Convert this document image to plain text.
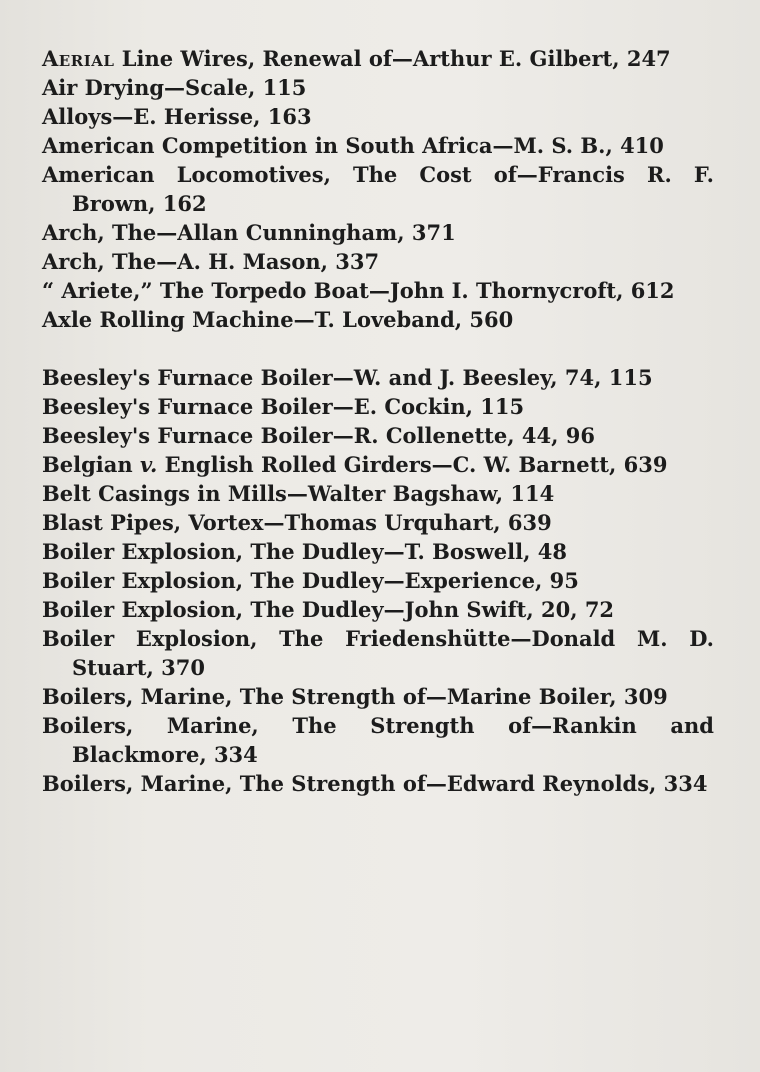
Aerial Line Wires, Renewal of—Arthur E. Gilbert, 247

Air Drying—Scale, 115

Alloys—E. Herisse, 163

American Competition in South Africa—M. S. B., 410

American Locomotives, The Cost of—Francis R. F. Brown, 162

Arch, The—Allan Cunningham, 371

Arch, The—A. H. Mason, 337

“ Ariete,” The Torpedo Boat—John I. Thornycroft, 612

Axle Rolling Machine—T. Loveband, 560

Beesley's Furnace Boiler—W. and J. Beesley, 74, 115

Beesley's Furnace Boiler—E. Cockin, 115

Beesley's Furnace Boiler—R. Collenette, 44, 96

Belgian v. English Rolled Girders—C. W. Barnett, 639

Belt Casings in Mills—Walter Bagshaw, 114

Blast Pipes, Vortex—Thomas Urquhart, 639

Boiler Explosion, The Dudley—T. Boswell, 48

Boiler Explosion, The Dudley—Experience, 95

Boiler Explosion, The Dudley—John Swift, 20, 72

Boiler Explosion, The Friedenshütte—Donald M. D. Stuart, 370

Boilers, Marine, The Strength of—Marine Boiler, 309

Boilers, Marine, The Strength of—Rankin and Blackmore, 334

Boilers, Marine, The Strength of—Edward Reynolds, 334
